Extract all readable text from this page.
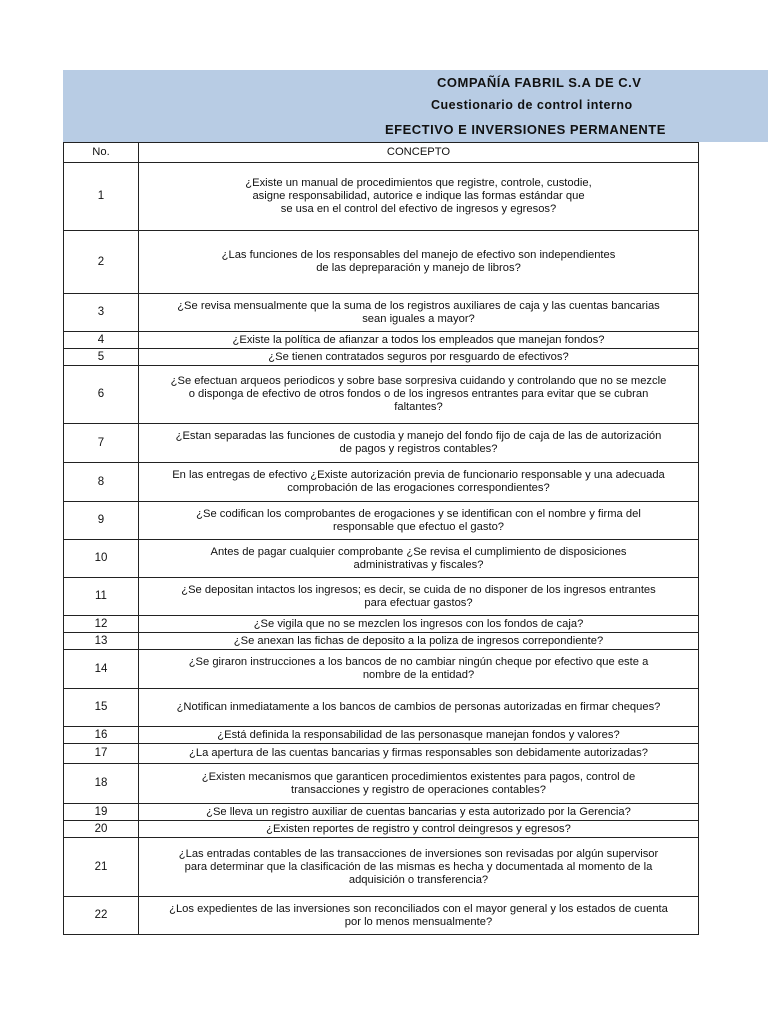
COMPAÑÍA FABRIL S.A DE C.V
Cuestionario de control interno
EFECTIVO E INVERSIONES PERMANENTE
No.	CONCEPTO
1	¿Existe un manual de procedimientos que registre, controle, custodie,
asigne responsabilidad, autorice e indique las formas estándar que
se usa en el control del efectivo de ingresos y egresos?
2	¿Las funciones de los responsables del manejo de efectivo son independientes
de las depreparación y manejo de libros?
3	¿Se revisa mensualmente que la suma de los registros auxiliares de caja y las cuentas bancarias
sean iguales a mayor?
4	¿Existe la política de afianzar a todos los empleados que manejan fondos?
5	¿Se tienen contratados seguros por resguardo de efectivos?
6	¿Se efectuan arqueos periodicos y sobre base sorpresiva cuidando y controlando que no se mezcle
o disponga de efectivo de otros fondos o de los ingresos entrantes para evitar que se cubran
faltantes?
7	¿Estan separadas las funciones de custodia y manejo del fondo fijo de caja de las de autorización
de pagos y registros contables?
8	En las entregas de efectivo ¿Existe autorización previa de funcionario responsable y una adecuada
comprobación de las erogaciones correspondientes?
9	¿Se codifican los comprobantes de erogaciones y se identifican con el nombre y firma del
responsable que efectuo el gasto?
10	Antes de pagar cualquier comprobante ¿Se revisa el cumplimiento de disposiciones
administrativas y fiscales?
11	¿Se depositan intactos los ingresos; es decir, se cuida de no disponer de los ingresos entrantes
para efectuar gastos?
12	¿Se vigila que no se mezclen los ingresos con los fondos de caja?
13	¿Se anexan las fichas de deposito a la poliza de ingresos correpondiente?
14	¿Se giraron instrucciones a los bancos de no cambiar ningún cheque por efectivo que este a
nombre de la entidad?
15	¿Notifican inmediatamente a los bancos de cambios de personas autorizadas en firmar cheques?
16	¿Está definida la responsabilidad de las personasque manejan fondos y valores?
17	¿La apertura de las cuentas bancarias y firmas responsables son debidamente autorizadas?
18	¿Existen mecanismos que garanticen procedimientos existentes para pagos, control de
transacciones y registro de operaciones contables?
19	¿Se lleva un registro auxiliar de cuentas bancarias y esta autorizado por la Gerencia?
20	¿Existen reportes de registro y control deingresos y egresos?
21	¿Las entradas contables de las transacciones de inversiones son revisadas por algún supervisor
para determinar que la clasificación de las mismas es hecha y documentada al momento de la
adquisición o transferencia?
22	¿Los expedientes de las inversiones son reconciliados con el mayor general y los estados de cuenta
por lo menos mensualmente?
